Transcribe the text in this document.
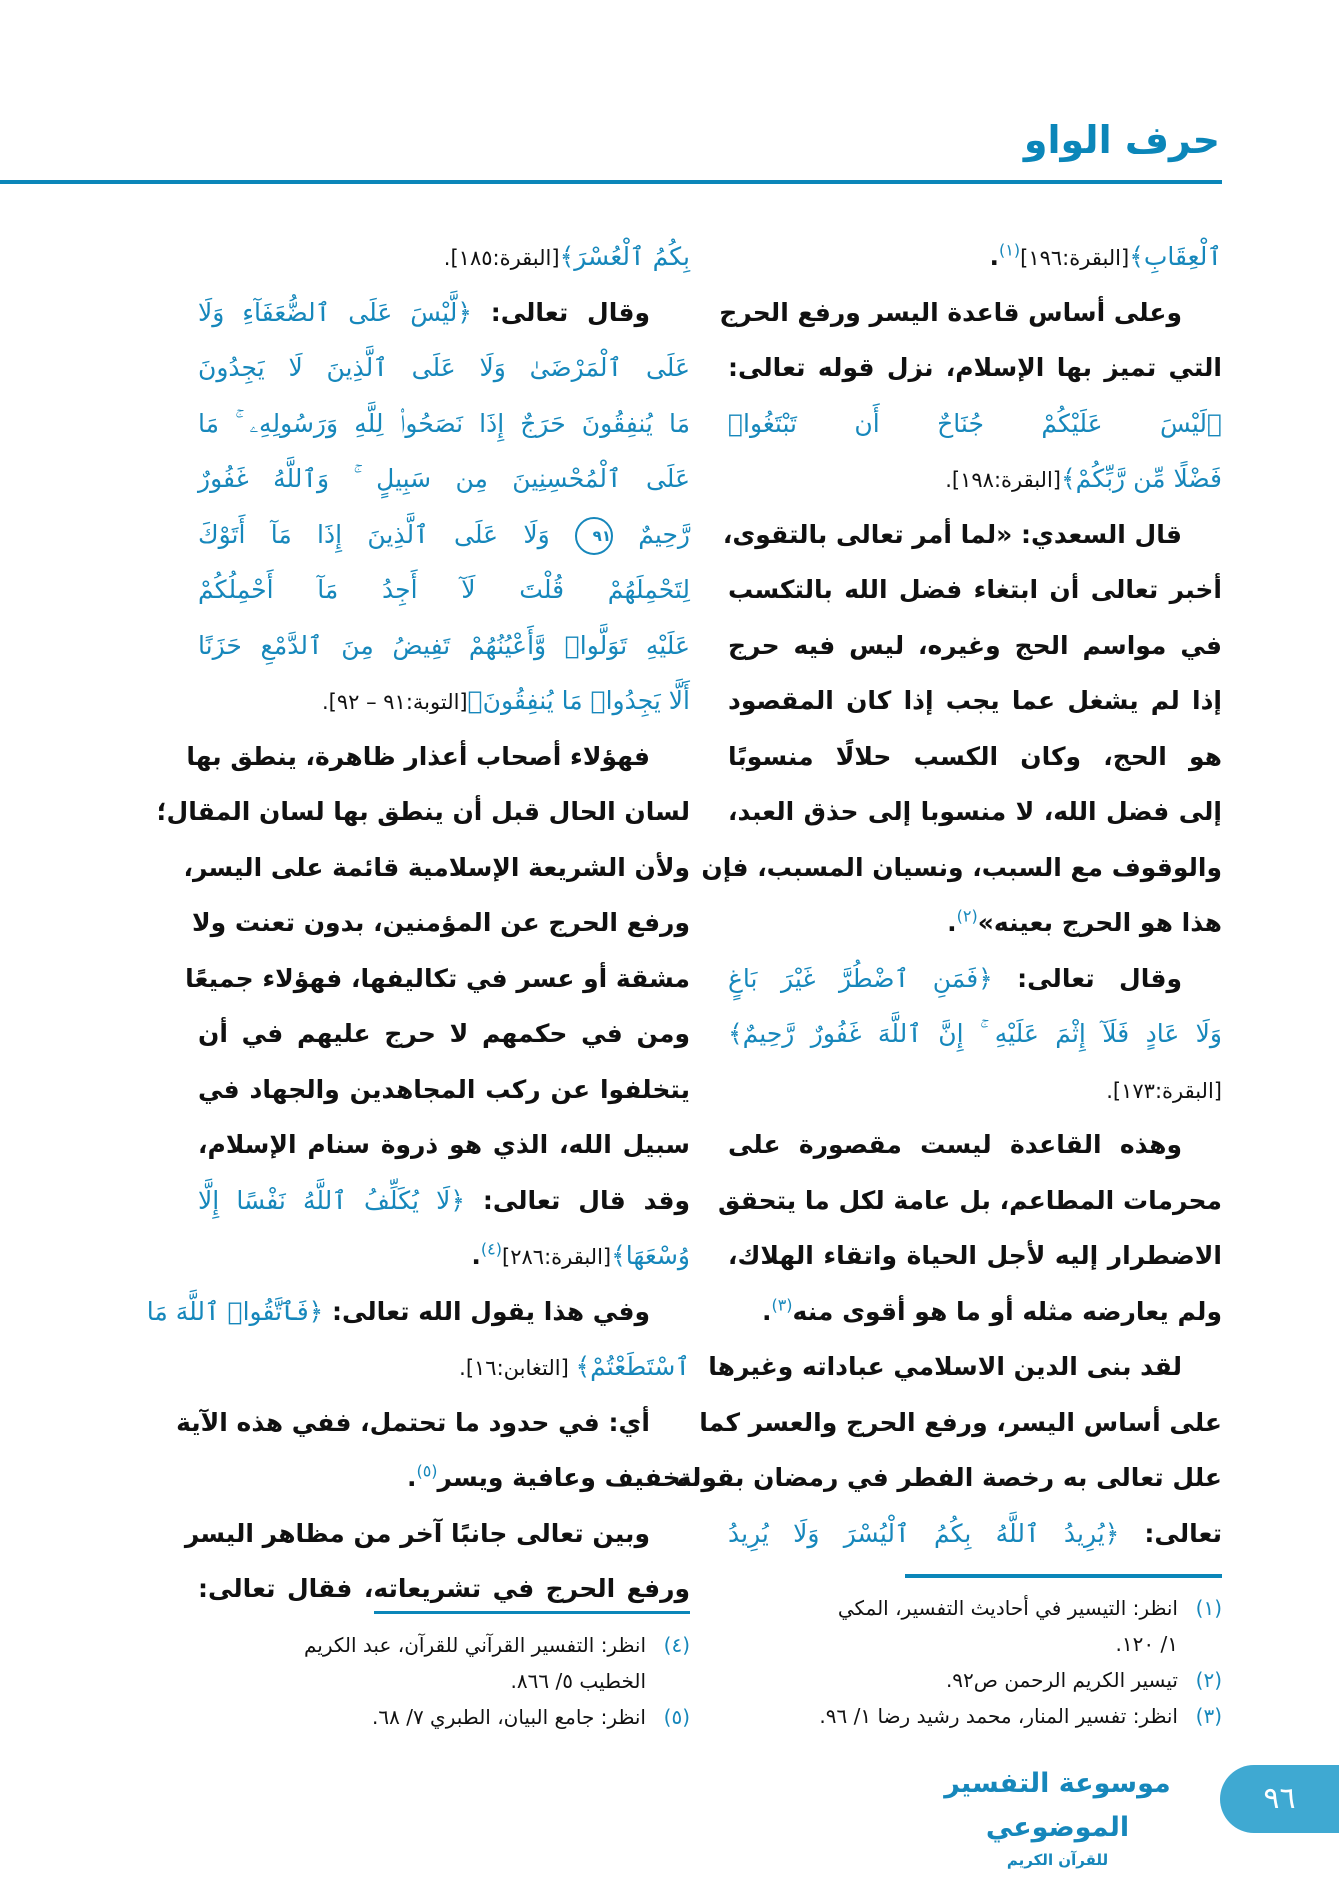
حرف الواو
ٱلْعِقَابِ﴾[البقرة:١٩٦]$^{(١)}$.
وعلى أساس قاعدة اليسر ورفع الحرج
التي تميز بها الإسلام، نزل قوله تعالى:
﴿لَيْسَ عَلَيْكُمْ جُنَاحٌ أَن تَبْتَغُوا۟
فَضْلًا مِّن رَّبِّكُمْ﴾[البقرة:١٩٨].
قال السعدي: «لما أمر تعالى بالتقوى،
أخبر تعالى أن ابتغاء فضل الله بالتكسب
في مواسم الحج وغيره، ليس فيه حرج
إذا لم يشغل عما يجب إذا كان المقصود
هو الحج، وكان الكسب حلالًا منسوبًا
إلى فضل الله، لا منسوبا إلى حذق العبد،
والوقوف مع السبب، ونسيان المسبب، فإن
هذا هو الحرج بعينه»$^{(٢)}$.
وقال تعالى: ﴿فَمَنِ ٱضْطُرَّ غَيْرَ بَاغٍ
وَلَا عَادٍ فَلَآ إِثْمَ عَلَيْهِ ۚ إِنَّ ٱللَّهَ غَفُورٌ رَّحِيمٌ﴾
[البقرة:١٧٣].
وهذه القاعدة ليست مقصورة على
محرمات المطاعم، بل عامة لكل ما يتحقق
الاضطرار إليه لأجل الحياة واتقاء الهلاك،
ولم يعارضه مثله أو ما هو أقوى منه$^{(٣)}$.
لقد بنى الدين الاسلامي عباداته وغيرها
على أساس اليسر، ورفع الحرج والعسر كما
علل تعالى به رخصة الفطر في رمضان بقوله
تعالى: ﴿يُرِيدُ ٱللَّهُ بِكُمُ ٱلْيُسْرَ وَلَا يُرِيدُ
بِكُمُ ٱلْعُسْرَ﴾[البقرة:١٨٥].
وقال تعالى: ﴿لَّيْسَ عَلَى ٱلضُّعَفَآءِ وَلَا
عَلَى ٱلْمَرْضَىٰ وَلَا عَلَى ٱلَّذِينَ لَا يَجِدُونَ
مَا يُنفِقُونَ حَرَجٌ إِذَا نَصَحُوا۟ لِلَّهِ وَرَسُولِهِۦ ۚ مَا
عَلَى ٱلْمُحْسِنِينَ مِن سَبِيلٍ ۚ وَٱللَّهُ غَفُورٌ
رَّحِيمٌ ٩١ وَلَا عَلَى ٱلَّذِينَ إِذَا مَآ أَتَوْكَ
لِتَحْمِلَهُمْ قُلْتَ لَآ أَجِدُ مَآ أَحْمِلُكُمْ
عَلَيْهِ تَوَلَّوا۟ وَّأَعْيُنُهُمْ تَفِيضُ مِنَ ٱلدَّمْعِ حَزَنًا
أَلَّا يَجِدُوا۟ مَا يُنفِقُونَ﴾[التوبة:٩١ – ٩٢].
فهؤلاء أصحاب أعذار ظاهرة، ينطق بها
لسان الحال قبل أن ينطق بها لسان المقال؛
ولأن الشريعة الإسلامية قائمة على اليسر،
ورفع الحرج عن المؤمنين، بدون تعنت ولا
مشقة أو عسر في تكاليفها، فهؤلاء جميعًا
ومن في حكمهم لا حرج عليهم في أن
يتخلفوا عن ركب المجاهدين والجهاد في
سبيل الله، الذي هو ذروة سنام الإسلام،
وقد قال تعالى: ﴿لَا يُكَلِّفُ ٱللَّهُ نَفْسًا إِلَّا
وُسْعَهَا﴾[البقرة:٢٨٦]$^{(٤)}$.
وفي هذا يقول الله تعالى: ﴿فَٱتَّقُوا۟ ٱللَّهَ مَا
ٱسْتَطَعْتُمْ﴾ [التغابن:١٦].
أي: في حدود ما تحتمل، ففي هذه الآية
تخفيف وعافية ويسر$^{(٥)}$.
وبين تعالى جانبًا آخر من مظاهر اليسر
ورفع الحرج في تشريعاته، فقال تعالى:
(١)انظر: التيسير في أحاديث التفسير، المكي
١/ ١٢٠.
(٢)تيسير الكريم الرحمن ص٩٢.
(٣)انظر: تفسير المنار، محمد رشيد رضا ١/ ٩٦.
(٤)انظر: التفسير القرآني للقرآن، عبد الكريم
الخطيب ٥/ ٨٦٦.
(٥)انظر: جامع البيان، الطبري ٧/ ٦٨.
موسوعة التفسير الموضوعي
للقرآن الكريم
٩٦
